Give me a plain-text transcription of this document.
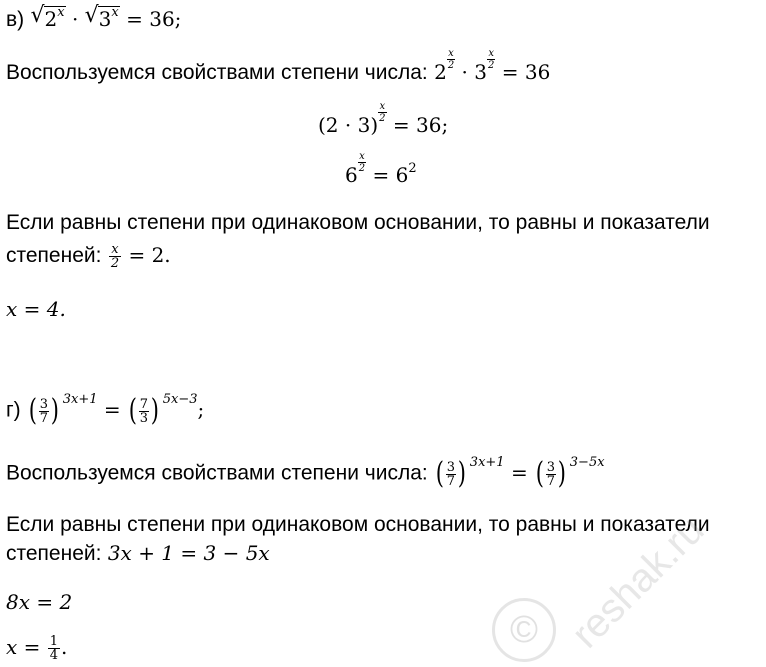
в) √ $2^x$ · √ $3^x = 36$;
Воспользуемся свойствами степени числа: 2
$\frac{x}{2}$
· 3
$\frac{x}{2}$
= 36
(2 · 3)
$\frac{x}{2}$
= 36;
6
$\frac{x}{2}$
= $6^2$
Если равны степени при одинаковом основании, то равны и показатели
степеней: $\frac{x}{2} = 2$.
x = 4.
г) ( $\frac{3}{7}$ ) $^{3x+1}$ = ( $\frac{7}{3}$ ) $^{5x-3}$;
Воспользуемся свойствами степени числа: ( $\frac{3}{7}$ ) $^{3x+1}$ = ( $\frac{3}{7}$ ) $^{3-5x}$
Если равны степени при одинаковом основании, то равны и показатели
степеней: 3x + 1 = 3 − 5x
8x = 2
$x = \frac{1}{4}$ .	reshak.ru
©
